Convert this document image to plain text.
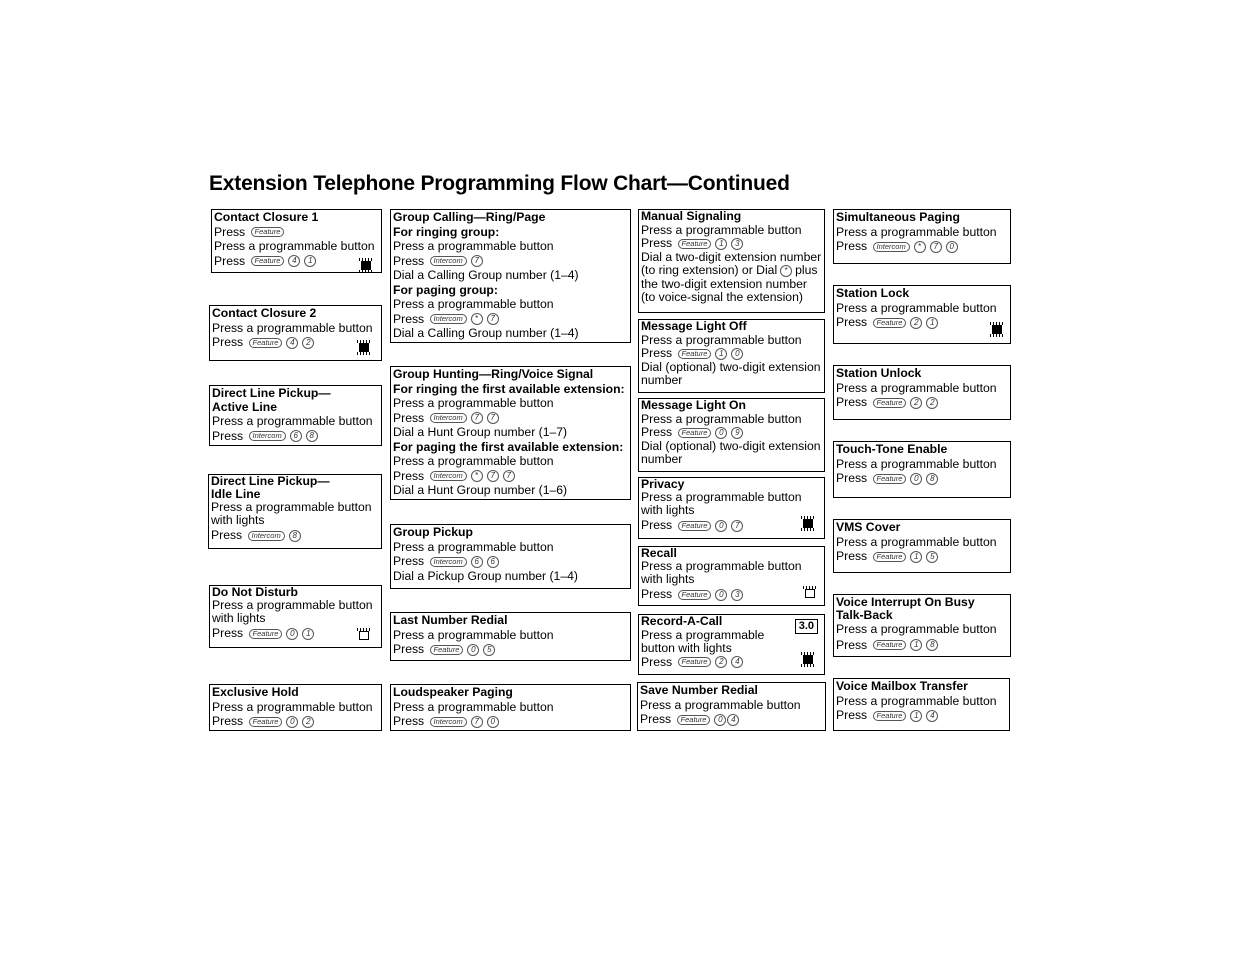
Extension Telephone Programming Flow Chart—Continued
Contact Closure 1
Press Feature
Press a programmable button
Press Feature 4 1
Contact Closure 2
Press a programmable button
Press Feature 4 2
Direct Line Pickup—
Active Line
Press a programmable button
Press Intercom 6 8
Direct Line Pickup—
Idle Line
Press a programmable button with lights
Press Intercom 8
Do Not Disturb
Press a programmable button with lights
Press Feature 0 1
Exclusive Hold
Press a programmable button
Press Feature 0 2
Group Calling—Ring/Page
For ringing group:
Press a programmable button
Press Intercom 7
Dial a Calling Group number (1–4)
For paging group:
Press a programmable button
Press Intercom * 7
Dial a Calling Group number (1–4)
Group Hunting—Ring/Voice Signal
For ringing the first available extension:
Press a programmable button
Press Intercom 7 7
Dial a Hunt Group number (1–7)
For paging the first available extension:
Press a programmable button
Press Intercom * 7 7
Dial a Hunt Group number (1–6)
Group Pickup
Press a programmable button
Press Intercom 6 6
Dial a Pickup Group number (1–4)
Last Number Redial
Press a programmable button
Press Feature 0 5
Loudspeaker Paging
Press a programmable button
Press Intercom 7 0
Manual Signaling
Press a programmable button
Press Feature 1 3
Dial a two-digit extension number
(to ring extension) or Dial * plus
the two-digit extension number
(to voice-signal the extension)
Message Light Off
Press a programmable button
Press Feature 1 0
Dial (optional) two-digit extension number
Message Light On
Press a programmable button
Press Feature 0 9
Dial (optional) two-digit extension number
Privacy
Press a programmable button with lights
Press Feature 0 7
Recall
Press a programmable button with lights
Press Feature 0 3
Record-A-Call	3.0
Press a programmable
button with lights
Press Feature 2 4
Save Number Redial
Press a programmable button
Press Feature 0 4
Simultaneous Paging
Press a programmable button
Press Intercom * 7 0
Station Lock
Press a programmable button
Press Feature 2 1
Station Unlock
Press a programmable button
Press Feature 2 2
Touch-Tone Enable
Press a programmable button
Press Feature 0 8
VMS Cover
Press a programmable button
Press Feature 1 5
Voice Interrupt On Busy
Talk-Back
Press a programmable button
Press Feature 1 8
Voice Mailbox Transfer
Press a programmable button
Press Feature 1 4
